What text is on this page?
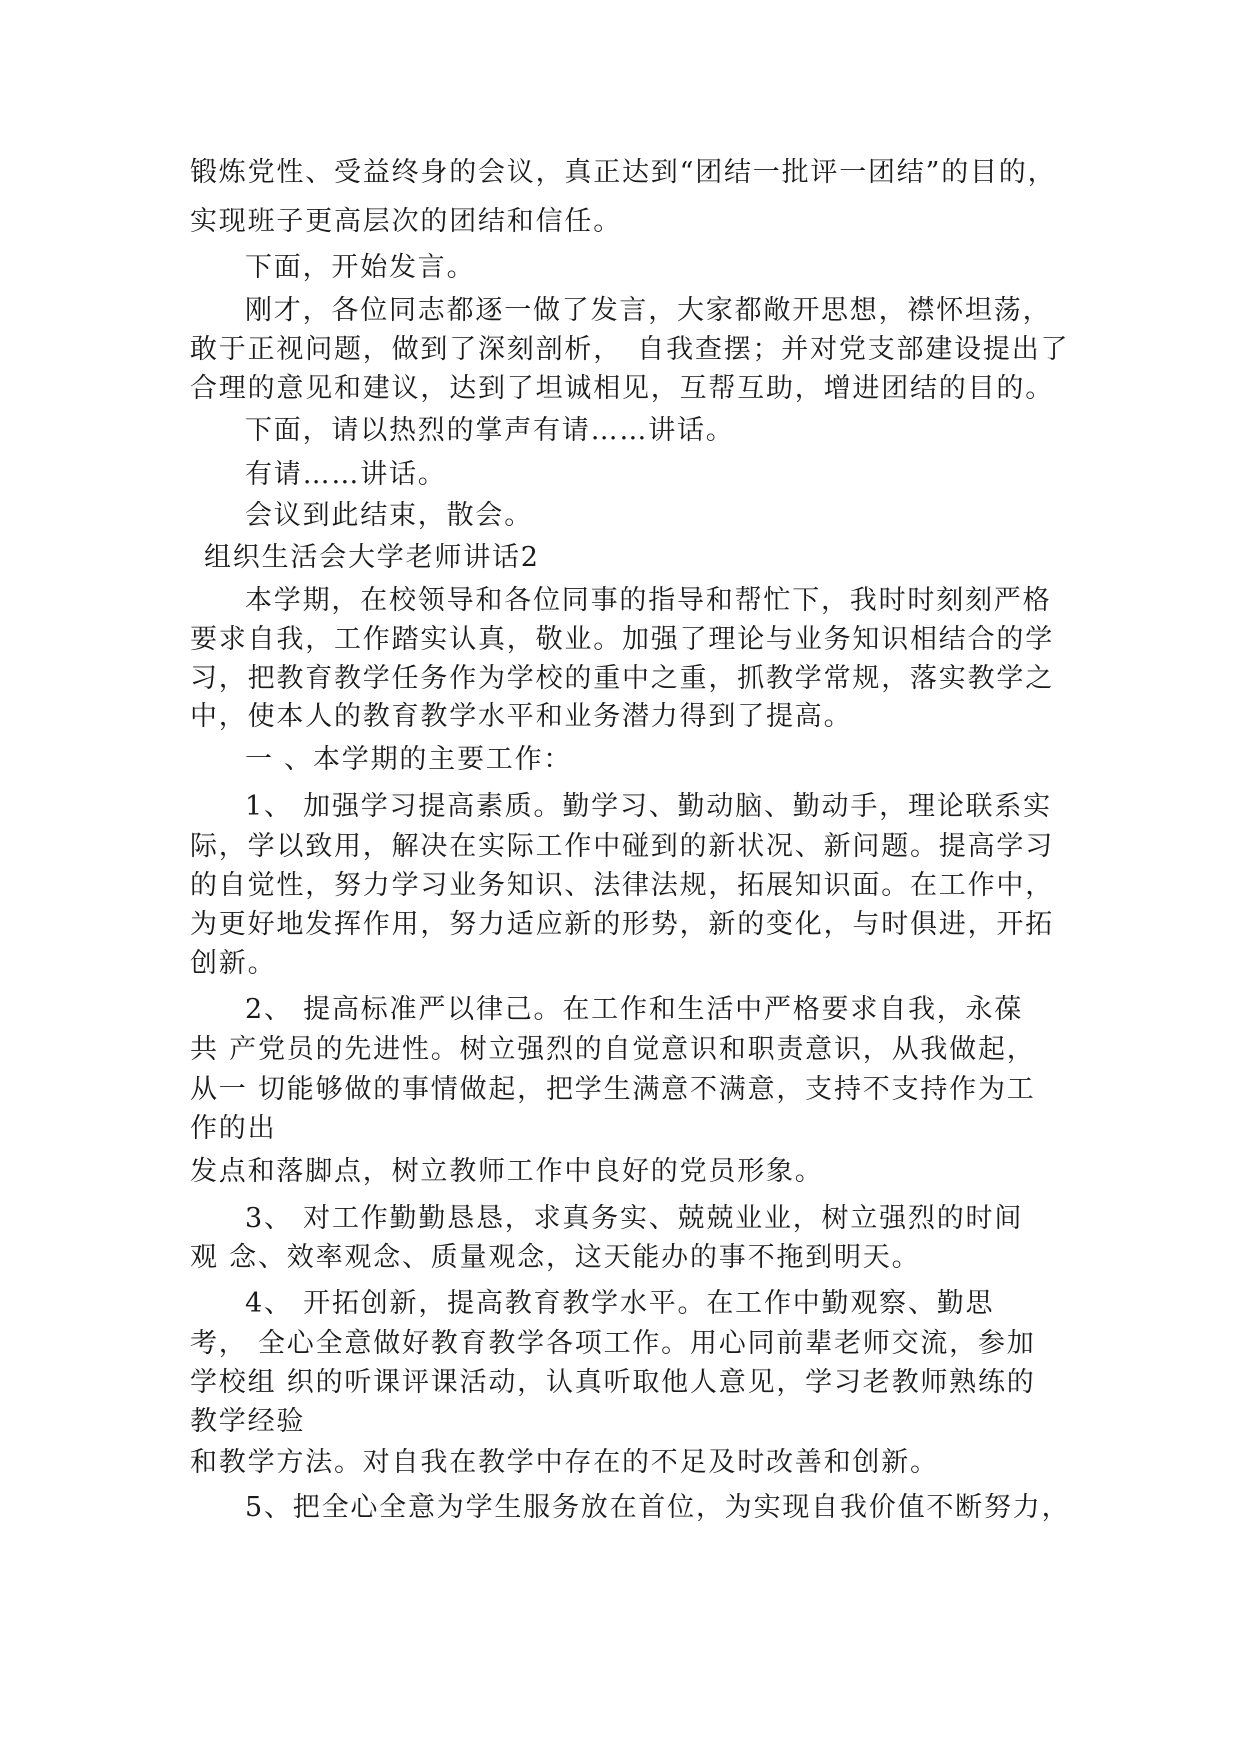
锻炼党性、受益终身的会议，真正达到“团结一批评一团结”的目的，
实现班子更高层次的团结和信任。
下面，开始发言。
刚才，各位同志都逐一做了发言，大家都敞开思想，襟怀坦荡，
敢于正视问题，做到了深刻剖析，　自我查摆；并对党支部建设提出了
合理的意见和建议，达到了坦诚相见，互帮互助，增进团结的目的。
下面，请以热烈的掌声有请……讲话。
有请……讲话。
会议到此结束，散会。
组织生活会大学老师讲话2
本学期，在校领导和各位同事的指导和帮忙下，我时时刻刻严格
要求自我，工作踏实认真，敬业。加强了理论与业务知识相结合的学
习，把教育教学任务作为学校的重中之重，抓教学常规，落实教学之
中，使本人的教育教学水平和业务潜力得到了提高。
一 、本学期的主要工作：
1、 加强学习提高素质。勤学习、勤动脑、勤动手，理论联系实
际，学以致用，解决在实际工作中碰到的新状况、新问题。提高学习
的自觉性，努力学习业务知识、法律法规，拓展知识面。在工作中，
为更好地发挥作用，努力适应新的形势，新的变化，与时俱进，开拓
创新。
2、 提高标准严以律己。在工作和生活中严格要求自我，永葆
共 产党员的先进性。树立强烈的自觉意识和职责意识，从我做起，
从一 切能够做的事情做起，把学生满意不满意，支持不支持作为工
作的出
发点和落脚点，树立教师工作中良好的党员形象。
3、 对工作勤勤恳恳，求真务实、兢兢业业，树立强烈的时间
观 念、效率观念、质量观念，这天能办的事不拖到明天。
4、 开拓创新，提高教育教学水平。在工作中勤观察、勤思
考， 全心全意做好教育教学各项工作。用心同前辈老师交流，参加
学校组 织的听课评课活动，认真听取他人意见，学习老教师熟练的
教学经验
和教学方法。对自我在教学中存在的不足及时改善和创新。
5、把全心全意为学生服务放在首位，为实现自我价值不断努力，
